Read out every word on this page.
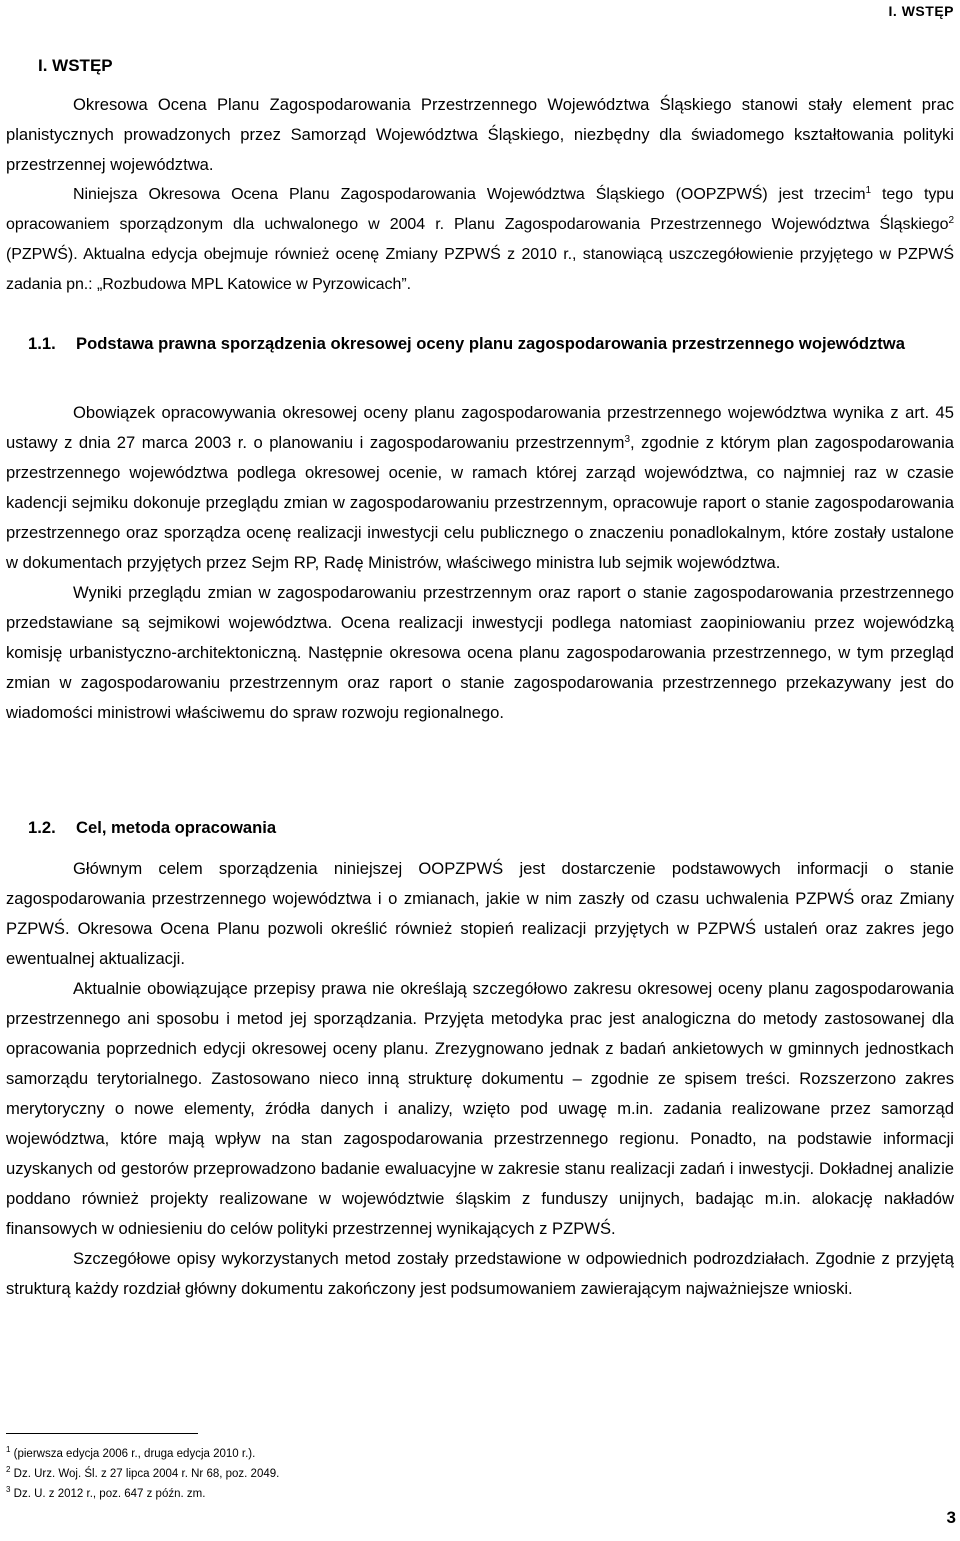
I. WSTĘP
I. WSTĘP

Okresowa Ocena Planu Zagospodarowania Przestrzennego Województwa Śląskiego stanowi stały element prac planistycznych prowadzonych przez Samorząd Województwa Śląskiego, niezbędny dla świadomego kształtowania polityki przestrzennej województwa.

Niniejsza Okresowa Ocena Planu Zagospodarowania Województwa Śląskiego (OOPZPWŚ) jest trzecim$^1$ tego typu opracowaniem sporządzonym dla uchwalonego w 2004 r. Planu Zagospodarowania Przestrzennego Województwa Śląskiego$^2$ (PZPWŚ). Aktualna edycja obejmuje również ocenę Zmiany PZPWŚ z 2010 r., stanowiącą uszczegółowienie przyjętego w PZPWŚ zadania pn.: „Rozbudowa MPL Katowice w Pyrzowicach”.

1.1.	Podstawa prawna sporządzenia okresowej oceny planu zagospodarowania przestrzennego województwa

Obowiązek opracowywania okresowej oceny planu zagospodarowania przestrzennego województwa wynika z art. 45 ustawy z dnia 27 marca 2003 r. o planowaniu i zagospodarowaniu przestrzennym$^3$, zgodnie z którym plan zagospodarowania przestrzennego województwa podlega okresowej ocenie, w ramach której zarząd województwa, co najmniej raz w czasie kadencji sejmiku dokonuje przeglądu zmian w zagospodarowaniu przestrzennym, opracowuje raport o stanie zagospodarowania przestrzennego oraz sporządza ocenę realizacji inwestycji celu publicznego o znaczeniu ponadlokalnym, które zostały ustalone w dokumentach przyjętych przez Sejm RP, Radę Ministrów, właściwego ministra lub sejmik województwa.

Wyniki przeglądu zmian w zagospodarowaniu przestrzennym oraz raport o stanie zagospodarowania przestrzennego przedstawiane są sejmikowi województwa. Ocena realizacji inwestycji podlega natomiast zaopiniowaniu przez wojewódzką komisję urbanistyczno-architektoniczną. Następnie okresowa ocena planu zagospodarowania przestrzennego, w tym przegląd zmian w zagospodarowaniu przestrzennym oraz raport o stanie zagospodarowania przestrzennego przekazywany jest do wiadomości ministrowi właściwemu do spraw rozwoju regionalnego.

1.2.	Cel, metoda opracowania

Głównym celem sporządzenia niniejszej OOPZPWŚ jest dostarczenie podstawowych informacji o stanie zagospodarowania przestrzennego województwa i o zmianach, jakie w nim zaszły od czasu uchwalenia PZPWŚ oraz Zmiany PZPWŚ. Okresowa Ocena Planu pozwoli określić również stopień realizacji przyjętych w PZPWŚ ustaleń oraz zakres jego ewentualnej aktualizacji.

Aktualnie obowiązujące przepisy prawa nie określają szczegółowo zakresu okresowej oceny planu zagospodarowania przestrzennego ani sposobu i metod jej sporządzania. Przyjęta metodyka prac jest analogiczna do metody zastosowanej dla opracowania poprzednich edycji okresowej oceny planu. Zrezygnowano jednak z badań ankietowych w gminnych jednostkach samorządu terytorialnego. Zastosowano nieco inną strukturę dokumentu – zgodnie ze spisem treści. Rozszerzono zakres merytoryczny o nowe elementy, źródła danych i analizy, wzięto pod uwagę m.in. zadania realizowane przez samorząd województwa, które mają wpływ na stan zagospodarowania przestrzennego regionu. Ponadto, na podstawie informacji uzyskanych od gestorów przeprowadzono badanie ewaluacyjne w zakresie stanu realizacji zadań i inwestycji. Dokładnej analizie poddano również projekty realizowane w województwie śląskim z funduszy unijnych, badając m.in. alokację nakładów finansowych w odniesieniu do celów polityki przestrzennej wynikających z PZPWŚ.

Szczegółowe opisy wykorzystanych metod zostały przedstawione w odpowiednich podrozdziałach. Zgodnie z przyjętą strukturą każdy rozdział główny dokumentu zakończony jest podsumowaniem zawierającym najważniejsze wnioski.

$^1$ (pierwsza edycja 2006 r., druga edycja 2010 r.).
$^2$ Dz. Urz. Woj. Śl. z 27 lipca 2004 r. Nr 68, poz. 2049.
$^3$ Dz. U. z 2012 r., poz. 647 z późn. zm.
3
